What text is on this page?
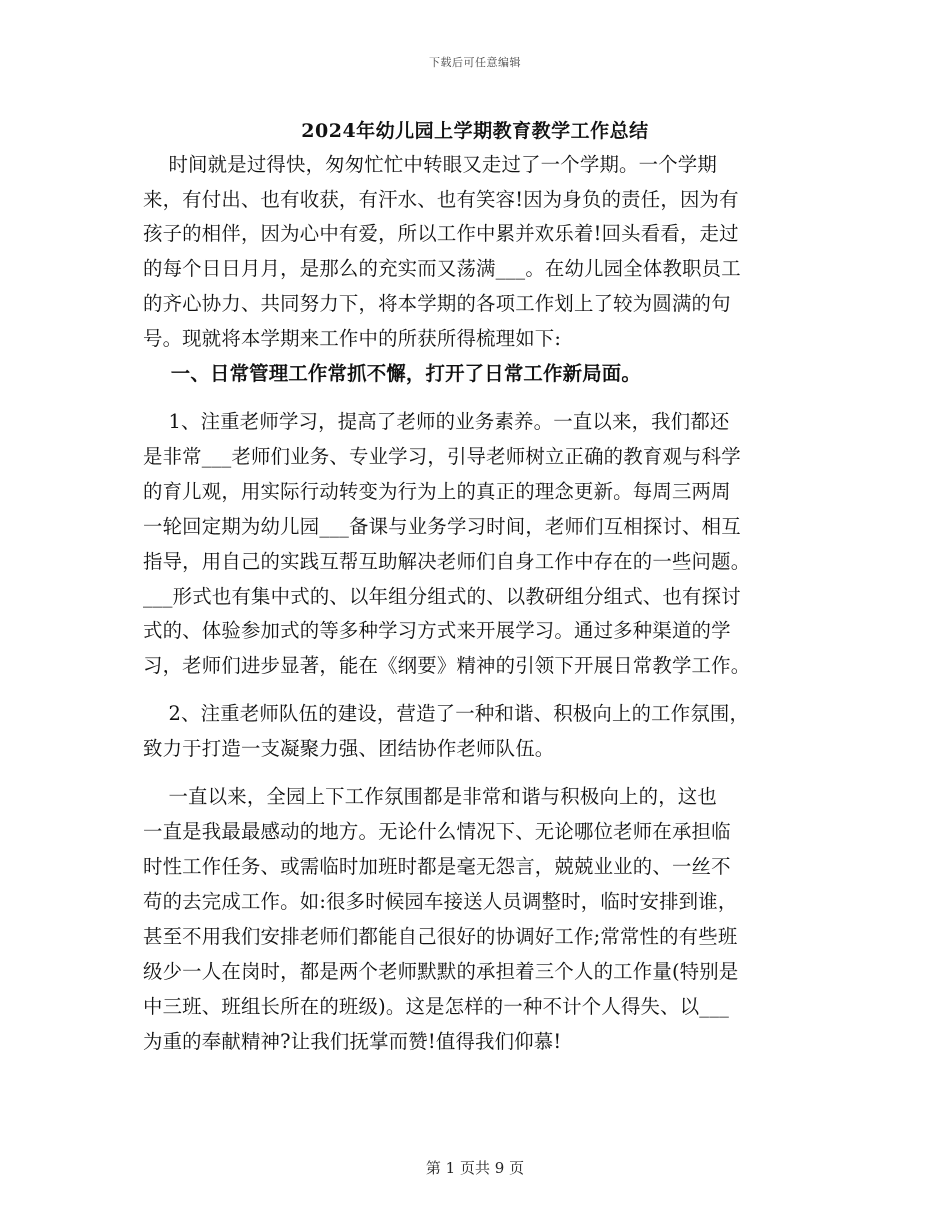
下载后可任意编辑
2024年幼儿园上学期教育教学工作总结
时间就是过得快，匆匆忙忙中转眼又走过了一个学期。一个学期
来，有付出、也有收获，有汗水、也有笑容!因为身负的责任，因为有
孩子的相伴，因为心中有爱，所以工作中累并欢乐着!回头看看，走过
的每个日日月月，是那么的充实而又荡满___。在幼儿园全体教职员工
的齐心协力、共同努力下，将本学期的各项工作划上了较为圆满的句
号。现就将本学期来工作中的所获所得梳理如下:
一、日常管理工作常抓不懈，打开了日常工作新局面。
1、注重老师学习，提高了老师的业务素养。一直以来，我们都还
是非常___老师们业务、专业学习，引导老师树立正确的教育观与科学
的育儿观，用实际行动转变为行为上的真正的理念更新。每周三两周
一轮回定期为幼儿园___备课与业务学习时间，老师们互相探讨、相互
指导，用自己的实践互帮互助解决老师们自身工作中存在的一些问题。
___形式也有集中式的、以年组分组式的、以教研组分组式、也有探讨
式的、体验参加式的等多种学习方式来开展学习。通过多种渠道的学
习，老师们进步显著，能在《纲要》精神的引领下开展日常教学工作。
2、注重老师队伍的建设，营造了一种和谐、积极向上的工作氛围，
致力于打造一支凝聚力强、团结协作老师队伍。
一直以来，全园上下工作氛围都是非常和谐与积极向上的，这也
一直是我最最感动的地方。无论什么情况下、无论哪位老师在承担临
时性工作任务、或需临时加班时都是毫无怨言，兢兢业业的、一丝不
苟的去完成工作。如:很多时候园车接送人员调整时，临时安排到谁，
甚至不用我们安排老师们都能自己很好的协调好工作;常常性的有些班
级少一人在岗时，都是两个老师默默的承担着三个人的工作量(特别是
中三班、班组长所在的班级)。这是怎样的一种不计个人得失、以___
为重的奉献精神?让我们抚掌而赞!值得我们仰慕!
第 1 页共 9 页
